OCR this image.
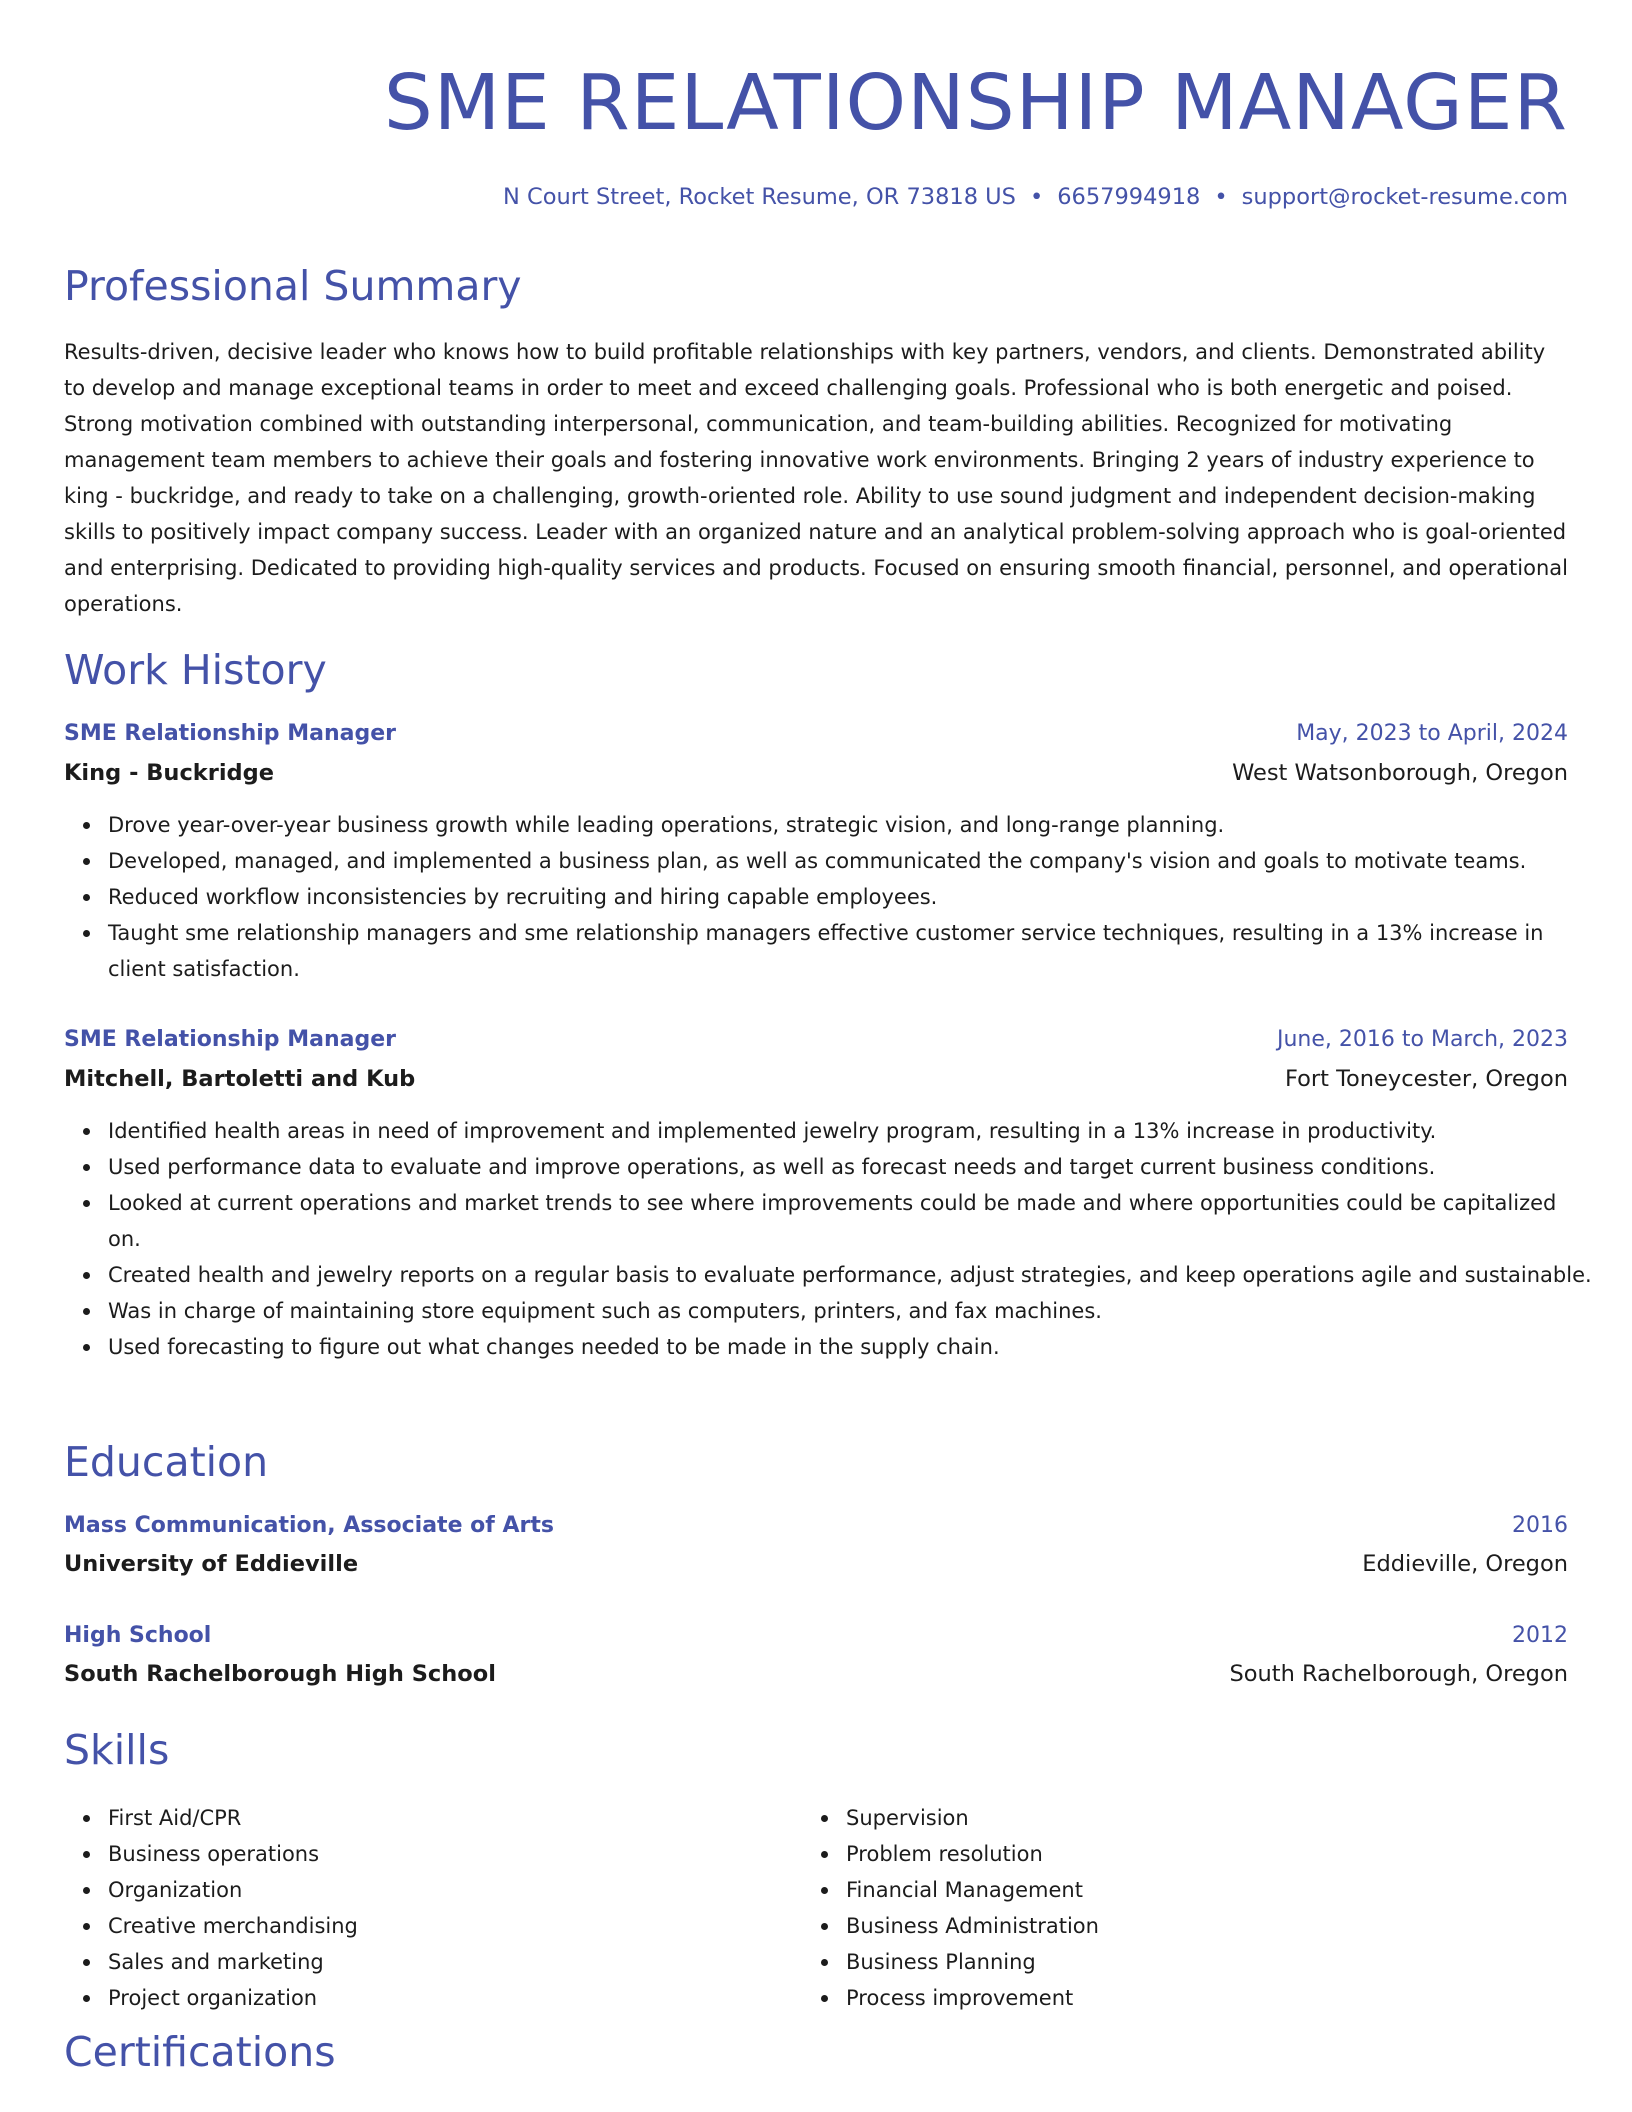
SME RELATIONSHIP MANAGER
N Court Street, Rocket Resume, OR 73818 US • 6657994918 • support@rocket-resume.com
Professional Summary

Results-driven, decisive leader who knows how to build profitable relationships with key partners, vendors, and clients. Demonstrated ability to develop and manage exceptional teams in order to meet and exceed challenging goals. Professional who is both energetic and poised. Strong motivation combined with outstanding interpersonal, communication, and team-building abilities. Recognized for motivating management team members to achieve their goals and fostering innovative work environments. Bringing 2 years of industry experience to king - buckridge, and ready to take on a challenging, growth-oriented role. Ability to use sound judgment and independent decision-making skills to positively impact company success. Leader with an organized nature and an analytical problem-solving approach who is goal-oriented and enterprising. Dedicated to providing high-quality services and products. Focused on ensuring smooth financial, personnel, and operational operations.

Work History
SME Relationship Manager	May, 2023 to April, 2024
King - Buckridge	West Watsonborough, Oregon
Drove year-over-year business growth while leading operations, strategic vision, and long-range planning.
Developed, managed, and implemented a business plan, as well as communicated the company's vision and goals to motivate teams.
Reduced workflow inconsistencies by recruiting and hiring capable employees.
Taught sme relationship managers and sme relationship managers effective customer service techniques, resulting in a 13% increase in client satisfaction.
SME Relationship Manager	June, 2016 to March, 2023
Mitchell, Bartoletti and Kub	Fort Toneycester, Oregon
Identified health areas in need of improvement and implemented jewelry program, resulting in a 13% increase in productivity.
Used performance data to evaluate and improve operations, as well as forecast needs and target current business conditions.
Looked at current operations and market trends to see where improvements could be made and where opportunities could be capitalized on.
Created health and jewelry reports on a regular basis to evaluate performance, adjust strategies, and keep operations agile and sustainable.
Was in charge of maintaining store equipment such as computers, printers, and fax machines.
Used forecasting to figure out what changes needed to be made in the supply chain.
Education
Mass Communication, Associate of Arts	2016
University of Eddieville	Eddieville, Oregon
High School	2012
South Rachelborough High School	South Rachelborough, Oregon
Skills
First Aid/CPR
Business operations
Organization
Creative merchandising
Sales and marketing
Project organization
Supervision
Problem resolution
Financial Management
Business Administration
Business Planning
Process improvement
Certifications
